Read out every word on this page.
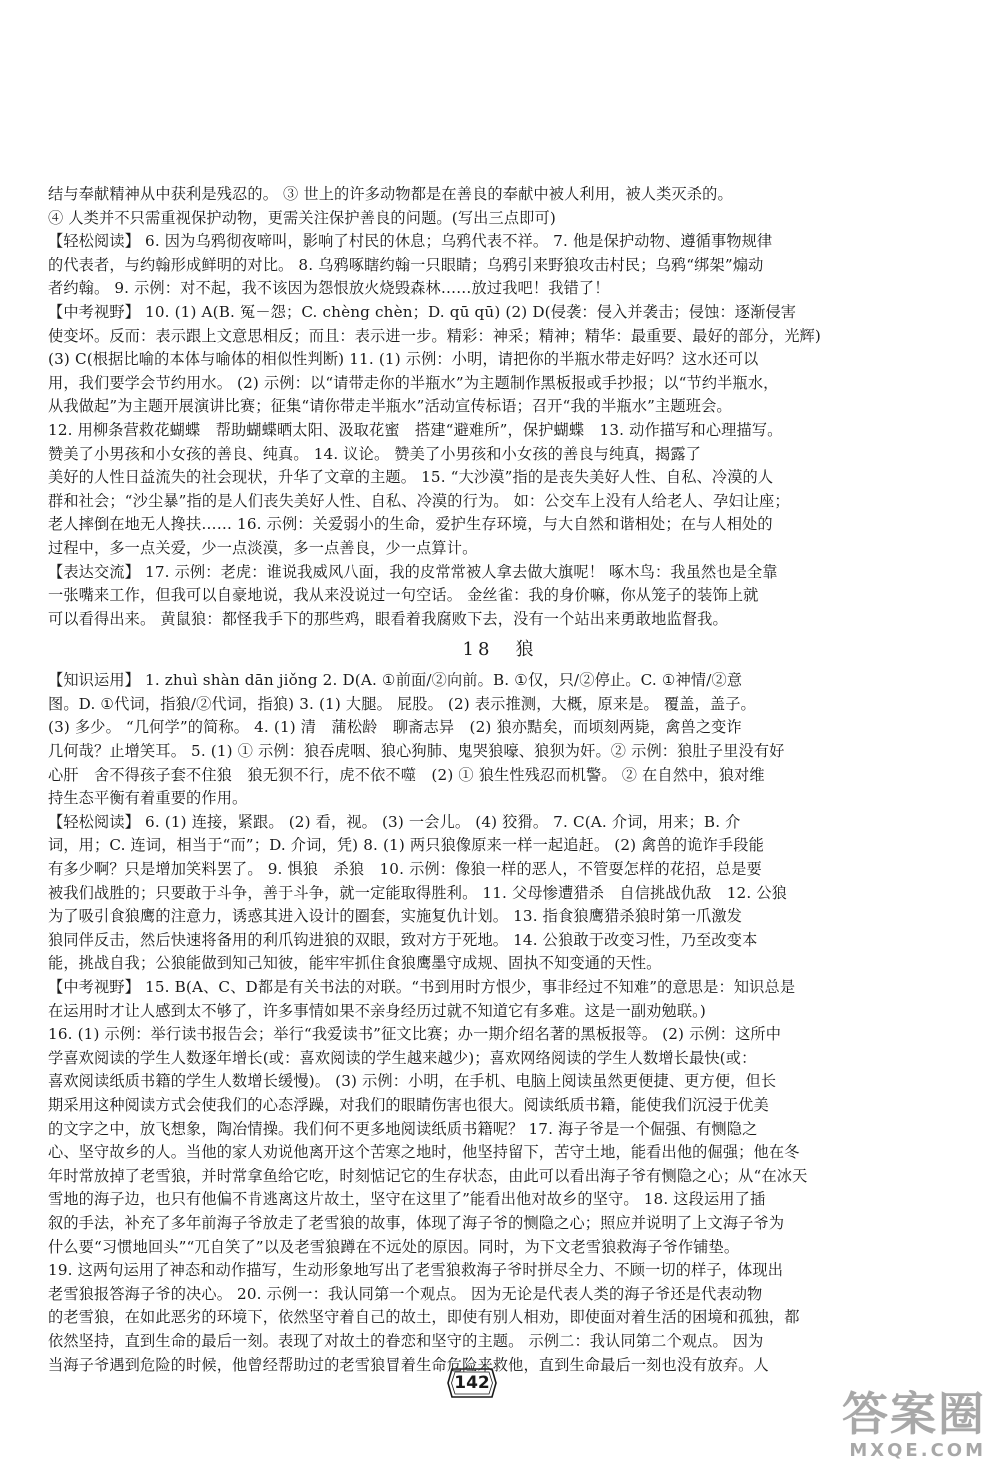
结与奉献精神从中获利是残忍的。 ③ 世上的许多动物都是在善良的奉献中被人利用，被人类灭杀的。
④ 人类并不只需重视保护动物，更需关注保护善良的问题。(写出三点即可)
【轻松阅读】 6. 因为乌鸦彻夜啼叫，影响了村民的休息；乌鸦代表不祥。 7. 他是保护动物、遵循事物规律
的代表者，与约翰形成鲜明的对比。 8. 乌鸦啄瞎约翰一只眼睛；乌鸦引来野狼攻击村民；乌鸦“绑架”煽动
者约翰。 9. 示例：对不起，我不该因为怨恨放火烧毁森林……放过我吧！我错了！
【中考视野】 10. (1) A(B. 冤－怨；C. chèng chèn；D. qū qū) (2) D(侵袭：侵入并袭击；侵蚀：逐渐侵害
使变坏。反而：表示跟上文意思相反；而且：表示进一步。精彩：神采；精神；精华：最重要、最好的部分，光辉)
(3) C(根据比喻的本体与喻体的相似性判断) 11. (1) 示例：小明，请把你的半瓶水带走好吗？这水还可以
用，我们要学会节约用水。 (2) 示例：以“请带走你的半瓶水”为主题制作黑板报或手抄报；以“节约半瓶水，
从我做起”为主题开展演讲比赛；征集“请你带走半瓶水”活动宣传标语；召开“我的半瓶水”主题班会。
12. 用柳条营救花蝴蝶　帮助蝴蝶晒太阳、汲取花蜜　搭建“避难所”，保护蝴蝶　13. 动作描写和心理描写。
赞美了小男孩和小女孩的善良、纯真。 14. 议论。 赞美了小男孩和小女孩的善良与纯真，揭露了
美好的人性日益流失的社会现状，升华了文章的主题。 15. “大沙漠”指的是丧失美好人性、自私、冷漠的人
群和社会；“沙尘暴”指的是人们丧失美好人性、自私、冷漠的行为。 如：公交车上没有人给老人、孕妇让座；
老人摔倒在地无人搀扶…… 16. 示例：关爱弱小的生命，爱护生存环境，与大自然和谐相处；在与人相处的
过程中，多一点关爱，少一点淡漠，多一点善良，少一点算计。
【表达交流】 17. 示例：老虎：谁说我威风八面，我的皮常常被人拿去做大旗呢！ 啄木鸟：我虽然也是全靠
一张嘴来工作，但我可以自豪地说，我从来没说过一句空话。 金丝雀：我的身价嘛，你从笼子的装饰上就
可以看得出来。 黄鼠狼：都怪我手下的那些鸡，眼看着我腐败下去，没有一个站出来勇敢地监督我。
18　狼
【知识运用】 1. zhuì shàn dān jiǒng 2. D(A. ①前面/②向前。B. ①仅，只/②停止。C. ①神情/②意
图。D. ①代词，指狼/②代词，指狼) 3. (1) 大腿。 屁股。 (2) 表示推测，大概，原来是。 覆盖，盖子。
(3) 多少。 “几何学”的简称。 4. (1) 清　蒲松龄　聊斋志异　(2) 狼亦黠矣，而顷刻两毙，禽兽之变诈
几何哉？止增笑耳。 5. (1) ① 示例：狼吞虎咽、狼心狗肺、鬼哭狼嚎、狼狈为奸。② 示例：狼肚子里没有好
心肝　舍不得孩子套不住狼　狼无狈不行，虎不依不噬　(2) ① 狼生性残忍而机警。 ② 在自然中，狼对维
持生态平衡有着重要的作用。
【轻松阅读】 6. (1) 连接，紧跟。 (2) 看，视。 (3) 一会儿。 (4) 狡猾。 7. C(A. 介词，用来；B. 介
词，用；C. 连词，相当于“而”；D. 介词，凭) 8. (1) 两只狼像原来一样一起追赶。 (2) 禽兽的诡诈手段能
有多少啊？只是增加笑料罢了。 9. 惧狼　杀狼　10. 示例：像狼一样的恶人，不管耍怎样的花招，总是要
被我们战胜的；只要敢于斗争，善于斗争，就一定能取得胜利。 11. 父母惨遭猎杀　自信挑战仇敌　12. 公狼
为了吸引食狼鹰的注意力，诱惑其进入设计的圈套，实施复仇计划。 13. 指食狼鹰猎杀狼时第一爪激发
狼同伴反击，然后快速将备用的利爪钩进狼的双眼，致对方于死地。 14. 公狼敢于改变习性，乃至改变本
能，挑战自我；公狼能做到知己知彼，能牢牢抓住食狼鹰墨守成规、固执不知变通的天性。
【中考视野】 15. B(A、C、D都是有关书法的对联。“书到用时方恨少，事非经过不知难”的意思是：知识总是
在运用时才让人感到太不够了，许多事情如果不亲身经历过就不知道它有多难。这是一副劝勉联。)
16. (1) 示例：举行读书报告会；举行“我爱读书”征文比赛；办一期介绍名著的黑板报等。 (2) 示例：这所中
学喜欢阅读的学生人数逐年增长(或：喜欢阅读的学生越来越少)；喜欢网络阅读的学生人数增长最快(或：
喜欢阅读纸质书籍的学生人数增长缓慢)。 (3) 示例：小明，在手机、电脑上阅读虽然更便捷、更方便，但长
期采用这种阅读方式会使我们的心态浮躁，对我们的眼睛伤害也很大。阅读纸质书籍，能使我们沉浸于优美
的文字之中，放飞想象，陶冶情操。我们何不更多地阅读纸质书籍呢？ 17. 海子爷是一个倔强、有恻隐之
心、坚守故乡的人。当他的家人劝说他离开这个苦寒之地时，他坚持留下，苦守土地，能看出他的倔强；他在冬
年时常放掉了老雪狼，并时常拿鱼给它吃，时刻惦记它的生存状态，由此可以看出海子爷有恻隐之心；从“在冰天
雪地的海子边，也只有他偏不肯逃离这片故土，坚守在这里了”能看出他对故乡的坚守。 18. 这段运用了插
叙的手法，补充了多年前海子爷放走了老雪狼的故事，体现了海子爷的恻隐之心；照应并说明了上文海子爷为
什么要“习惯地回头”“兀自笑了”以及老雪狼蹲在不远处的原因。同时，为下文老雪狼救海子爷作铺垫。
19. 这两句运用了神态和动作描写，生动形象地写出了老雪狼救海子爷时拼尽全力、不顾一切的样子，体现出
老雪狼报答海子爷的决心。 20. 示例一：我认同第一个观点。 因为无论是代表人类的海子爷还是代表动物
的老雪狼，在如此恶劣的环境下，依然坚守着自己的故土，即使有别人相劝，即使面对着生活的困境和孤独，都
依然坚持，直到生命的最后一刻。表现了对故土的眷恋和坚守的主题。 示例二：我认同第二个观点。 因为
当海子爷遇到危险的时候，他曾经帮助过的老雪狼冒着生命危险来救他，直到生命最后一刻也没有放弃。人
142
答案圈
MXQE.COM
